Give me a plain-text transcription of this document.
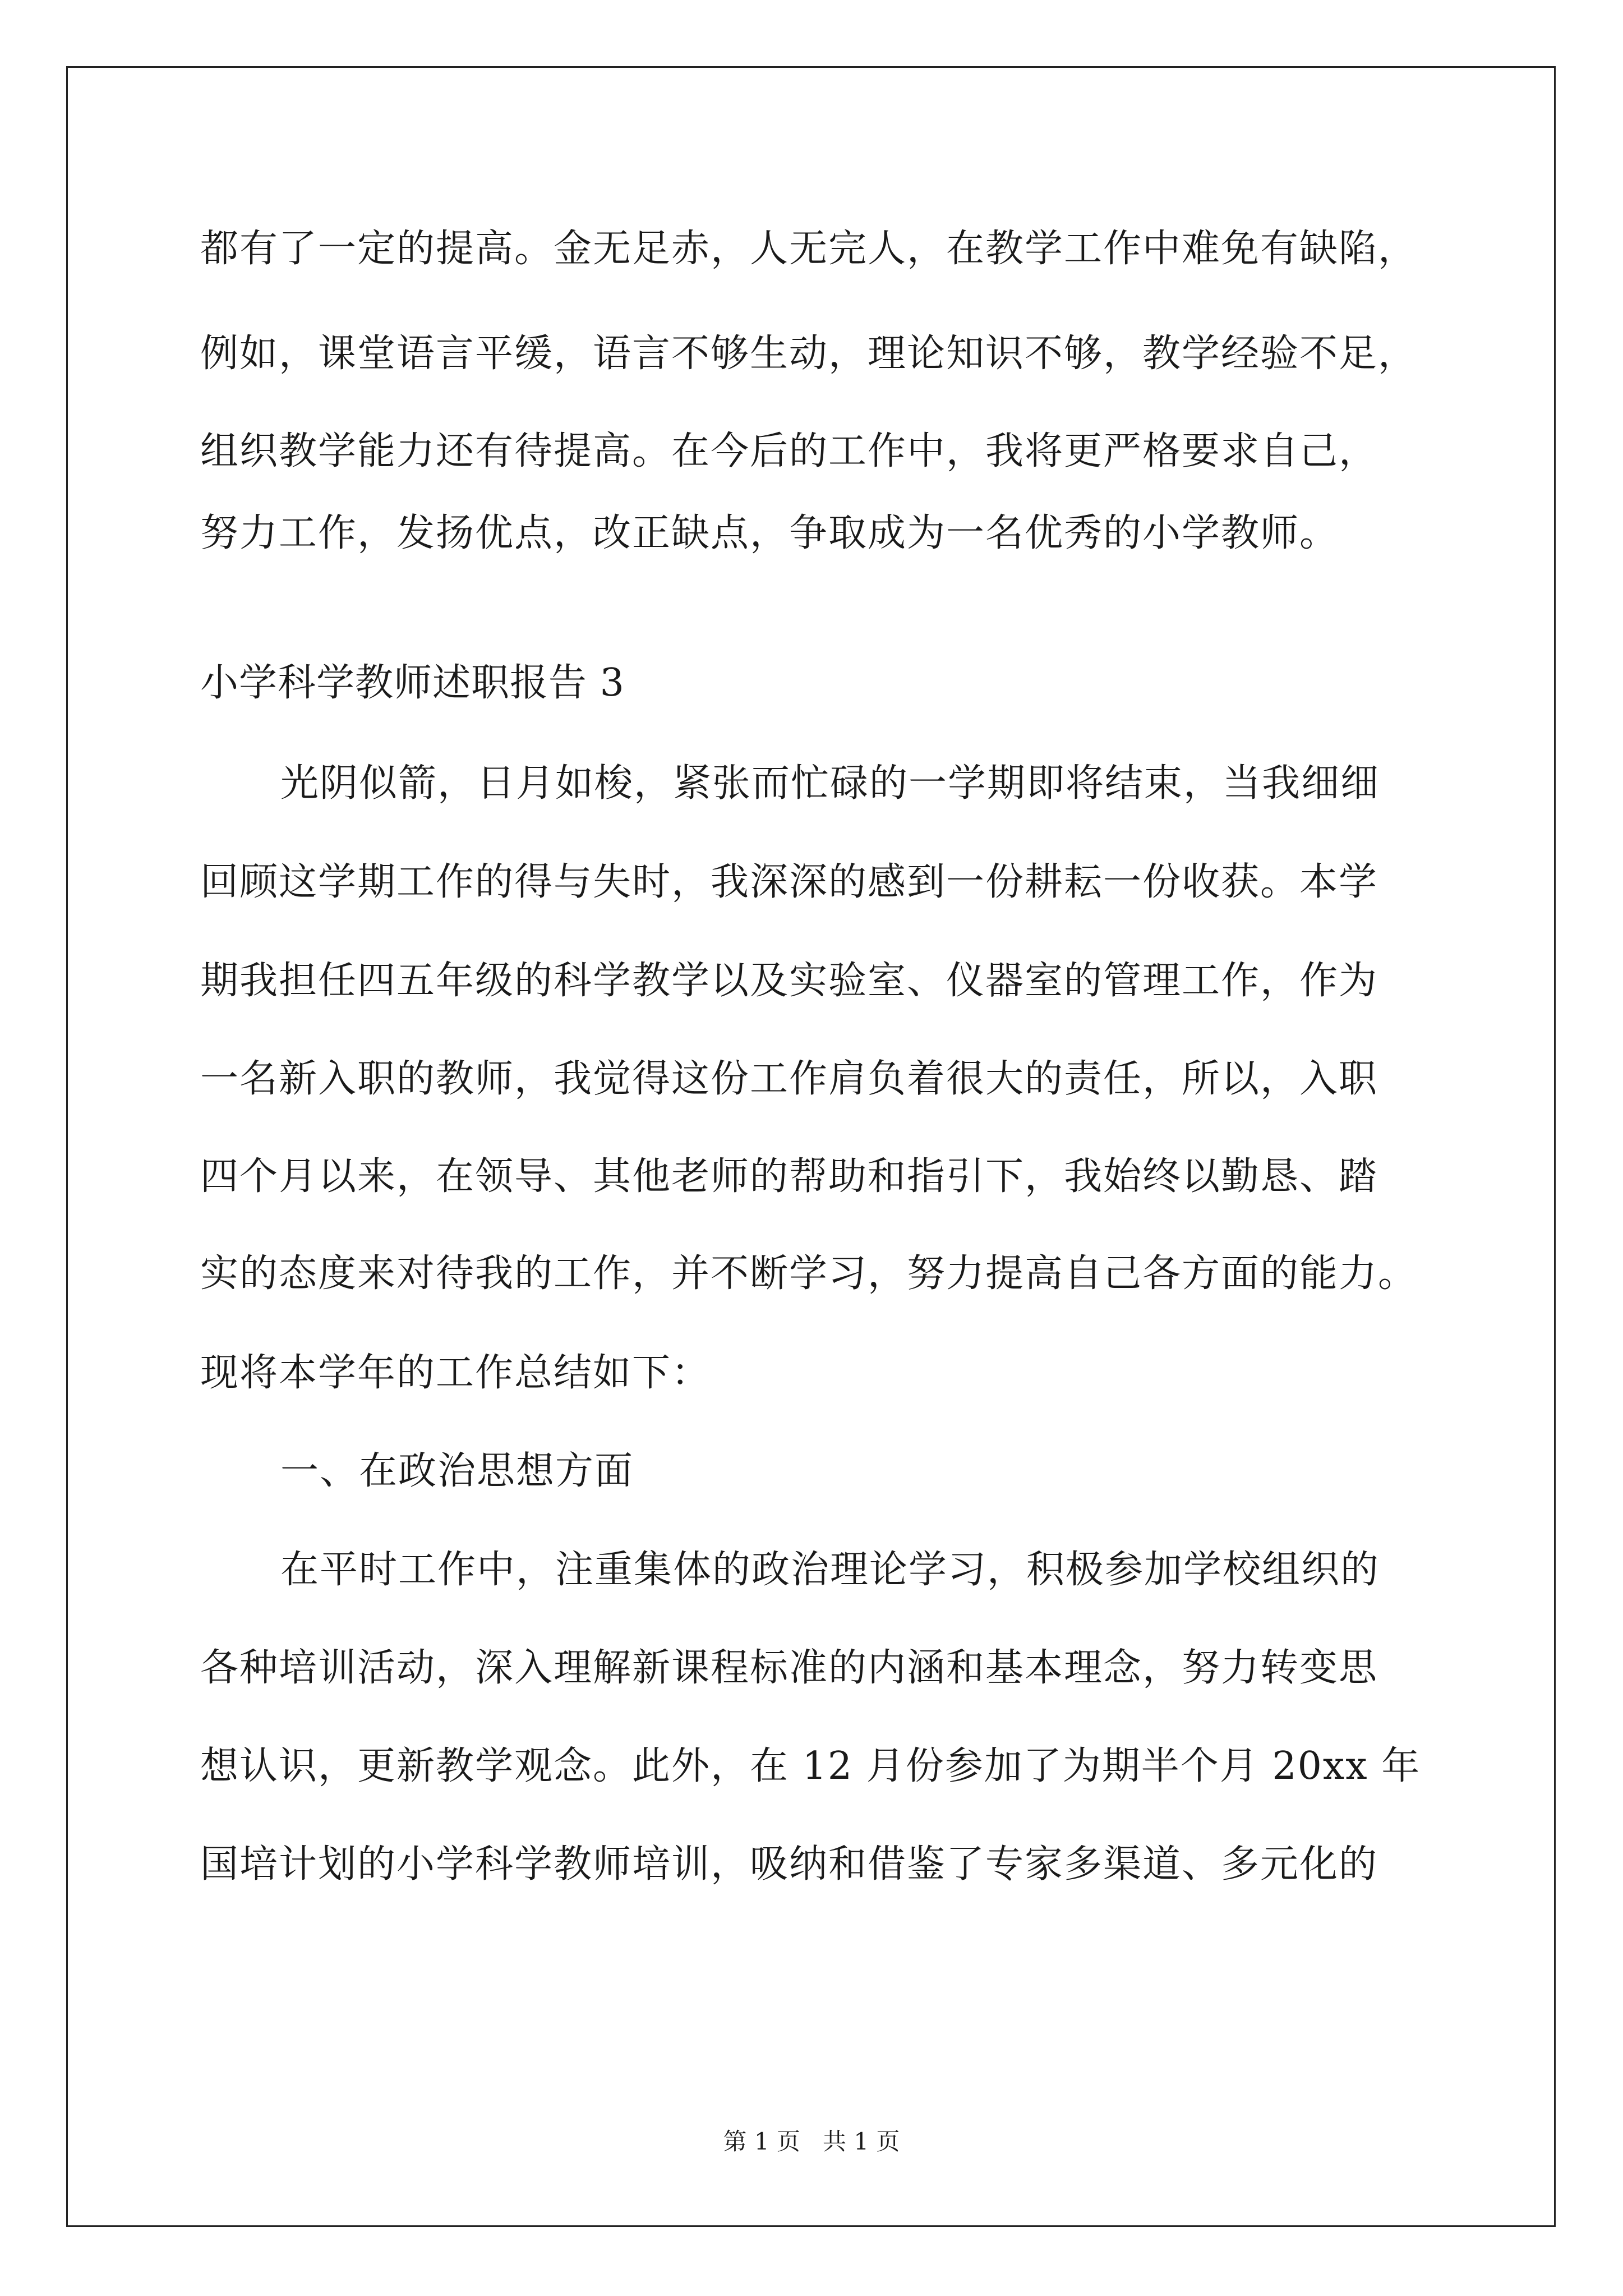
都有了一定的提高。金无足赤，人无完人，在教学工作中难免有缺陷，
例如，课堂语言平缓，语言不够生动，理论知识不够，教学经验不足，
组织教学能力还有待提高。在今后的工作中，我将更严格要求自己，
努力工作，发扬优点，改正缺点，争取成为一名优秀的小学教师。
小学科学教师述职报告 3
光阴似箭，日月如梭，紧张而忙碌的一学期即将结束，当我细细
回顾这学期工作的得与失时，我深深的感到一份耕耘一份收获。本学
期我担任四五年级的科学教学以及实验室、仪器室的管理工作，作为
一名新入职的教师，我觉得这份工作肩负着很大的责任，所以，入职
四个月以来，在领导、其他老师的帮助和指引下，我始终以勤恳、踏
实的态度来对待我的工作，并不断学习，努力提高自己各方面的能力。
现将本学年的工作总结如下：
一、在政治思想方面
在平时工作中，注重集体的政治理论学习，积极参加学校组织的
各种培训活动，深入理解新课程标准的内涵和基本理念，努力转变思
想认识，更新教学观念。此外，在 12 月份参加了为期半个月 20xx 年
国培计划的小学科学教师培训，吸纳和借鉴了专家多渠道、多元化的
第 1 页   共 1 页
